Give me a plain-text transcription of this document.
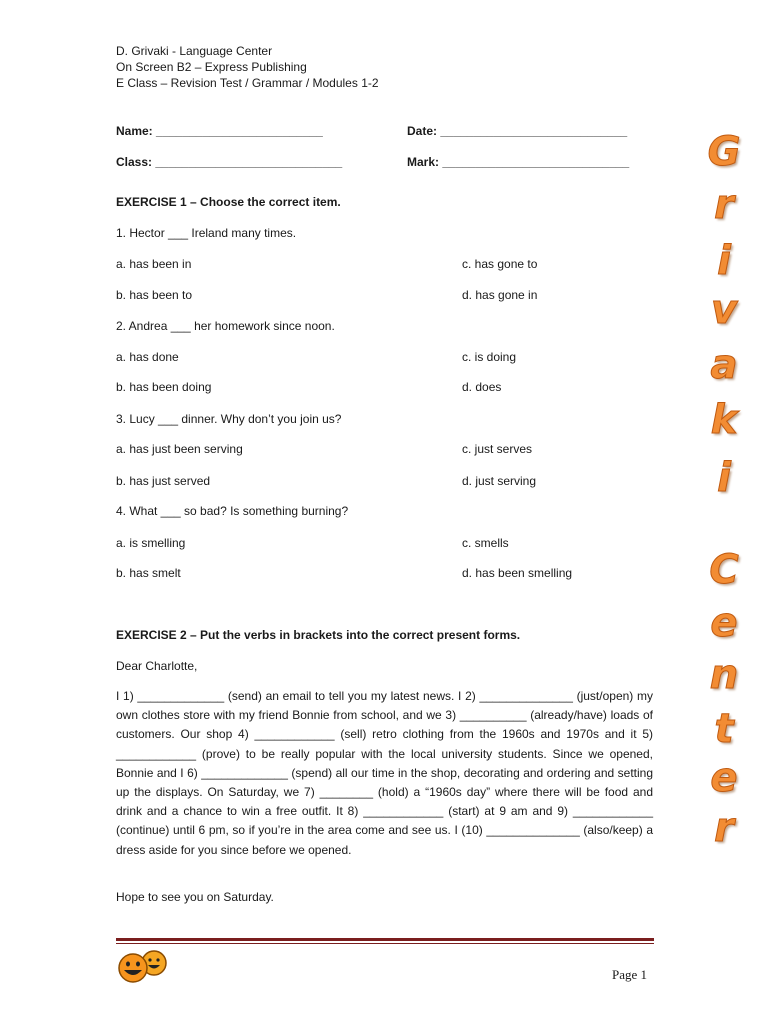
D. Grivaki - Language Center
On Screen B2 – Express Publishing
E Class – Revision Test / Grammar / Modules 1-2
Name: _________________________	Date: ____________________________
Class: ____________________________	Mark: ____________________________
EXERCISE 1 – Choose the correct item.
1. Hector ___ Ireland many times.
a. has been in	c. has gone to
b. has been to	d. has gone in
2. Andrea ___ her homework since noon.
a. has done	c. is doing
b. has been doing	d. does
3. Lucy ___ dinner. Why don’t you join us?
a. has just been serving	c. just serves
b. has just served	d. just serving
4. What ___ so bad? Is something burning?
a. is smelling	c. smells
b. has smelt	d. has been smelling
EXERCISE 2 – Put the verbs in brackets into the correct present forms.
Dear Charlotte,
I 1) _____________ (send) an email to tell you my latest news. I 2) ______________ (just/open) my own clothes store with my friend Bonnie from school, and we 3) __________ (already/have) loads of customers. Our shop 4) ____________ (sell) retro clothing from the 1960s and 1970s and it 5) ____________ (prove) to be really popular with the local university students. Since we opened, Bonnie and I 6) _____________ (spend) all our time in the shop, decorating and ordering and setting up the displays. On Saturday, we 7) ________ (hold) a “1960s day” where there will be food and drink and a chance to win a free outfit. It 8) ____________ (start) at 9 am and 9) ____________ (continue) until 6 pm, so if you’re in the area come and see us. I (10) ______________ (also/keep) a dress aside for you since before we opened.
Hope to see you on Saturday.
G
r
i
v
a
k
i
C
e
n
t
e
r
Page 1
